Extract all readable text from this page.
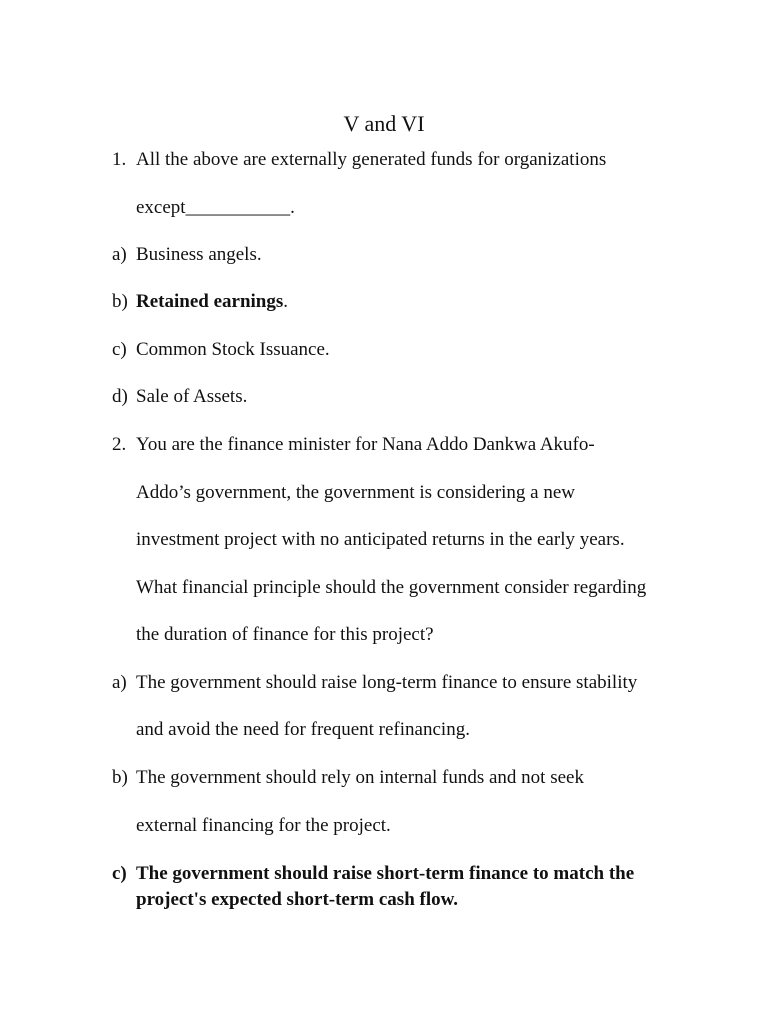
V and VI
1. All the above are externally generated funds for organizations
except___________.
a) Business angels.
b) Retained earnings.
c) Common Stock Issuance.
d) Sale of Assets.
2. You are the finance minister for Nana Addo Dankwa Akufo-
Addo’s government, the government is considering a new
investment project with no anticipated returns in the early years.
What financial principle should the government consider regarding
the duration of finance for this project?
a) The government should raise long-term finance to ensure stability
and avoid the need for frequent refinancing.
b) The government should rely on internal funds and not seek
external financing for the project.
c) The government should raise short-term finance to match the
project's expected short-term cash flow.
